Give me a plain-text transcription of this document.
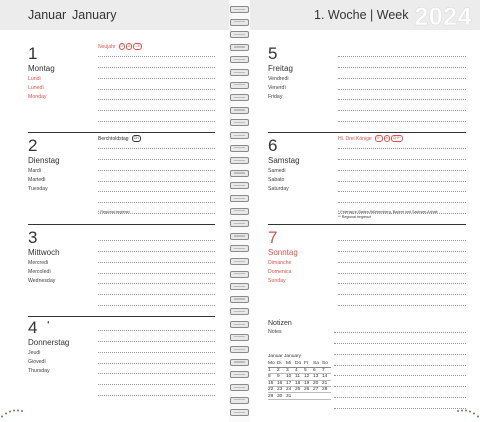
Januar January
1
Montag
Lundi
Lunedì
Monday
Neujahr D A CH
2
Dienstag
Mardi
Martedì
Tuesday
Berchtoldstag CH
* Regional begrenzt
3
Mittwoch
Mercredi
Mercoledì
Wednesday
4
Donnerstag
Jeudi
Giovedì
Thursday
◐
1. Woche | Week 2024
5
Freitag
Vendredi
Venerdì
Friday
6
Samstag
Samedi
Sabato
Saturday
Hl. Drei Könige D* A CH**
* Feiertag in Baden-Württemberg, Bayern und Sachsen-Anhalt
** Regional begrenzt
7
Sonntag
Dimanche
Domenica
Sunday
Notizen
Notes
Januar January
Mo	Di	Mi	Do	Fr	Sa	So
1	2	3	4	5	6	7
8	9	10	11	12	13	14
15	16	17	18	19	20	21
22	23	24	25	26	27	28
29	30	31				
